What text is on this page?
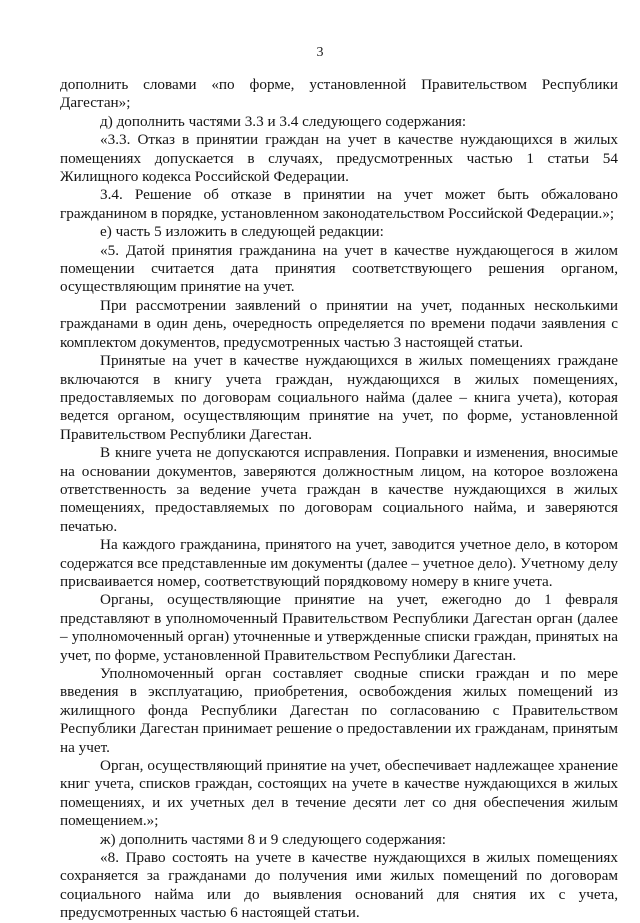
3

дополнить словами «по форме, установленной Правительством Республики Дагестан»;

д) дополнить частями 3.3 и 3.4 следующего содержания:

«3.3. Отказ в принятии граждан на учет в качестве нуждающихся в жилых помещениях допускается в случаях, предусмотренных частью 1 статьи 54 Жилищного кодекса Российской Федерации.

3.4. Решение об отказе в принятии на учет может быть обжаловано гражданином в порядке, установленном законодательством Российской Федерации.»;

е) часть 5 изложить в следующей редакции:

«5. Датой принятия гражданина на учет в качестве нуждающегося в жилом помещении считается дата принятия соответствующего решения органом, осуществляющим принятие на учет.

При рассмотрении заявлений о принятии на учет, поданных несколькими гражданами в один день, очередность определяется по времени подачи заявления с комплектом документов, предусмотренных частью 3 настоящей статьи.

Принятые на учет в качестве нуждающихся в жилых помещениях граждане включаются в книгу учета граждан, нуждающихся в жилых помещениях, предоставляемых по договорам социального найма (далее – книга учета), которая ведется органом, осуществляющим принятие на учет, по форме, установленной Правительством Республики Дагестан.

В книге учета не допускаются исправления. Поправки и изменения, вносимые на основании документов, заверяются должностным лицом, на которое возложена ответственность за ведение учета граждан в качестве нуждающихся в жилых помещениях, предоставляемых по договорам социального найма, и заверяются печатью.

На каждого гражданина, принятого на учет, заводится учетное дело, в котором содержатся все представленные им документы (далее – учетное дело). Учетному делу присваивается номер, соответствующий порядковому номеру в книге учета.

Органы, осуществляющие принятие на учет, ежегодно до 1 февраля представляют в уполномоченный Правительством Республики Дагестан орган (далее – уполномоченный орган) уточненные и утвержденные списки граждан, принятых на учет, по форме, установленной Правительством Республики Дагестан.

Уполномоченный орган составляет сводные списки граждан и по мере введения в эксплуатацию, приобретения, освобождения жилых помещений из жилищного фонда Республики Дагестан по согласованию с Правительством Республики Дагестан принимает решение о предоставлении их гражданам, принятым на учет.

Орган, осуществляющий принятие на учет, обеспечивает надлежащее хранение книг учета, списков граждан, состоящих на учете в качестве нуждающихся в жилых помещениях, и их учетных дел в течение десяти лет со дня обеспечения жилым помещением.»;

ж) дополнить частями 8 и 9 следующего содержания:

«8. Право состоять на учете в качестве нуждающихся в жилых помещениях сохраняется за гражданами до получения ими жилых помещений по договорам социального найма или до выявления оснований для снятия их с учета, предусмотренных частью 6 настоящей статьи.
